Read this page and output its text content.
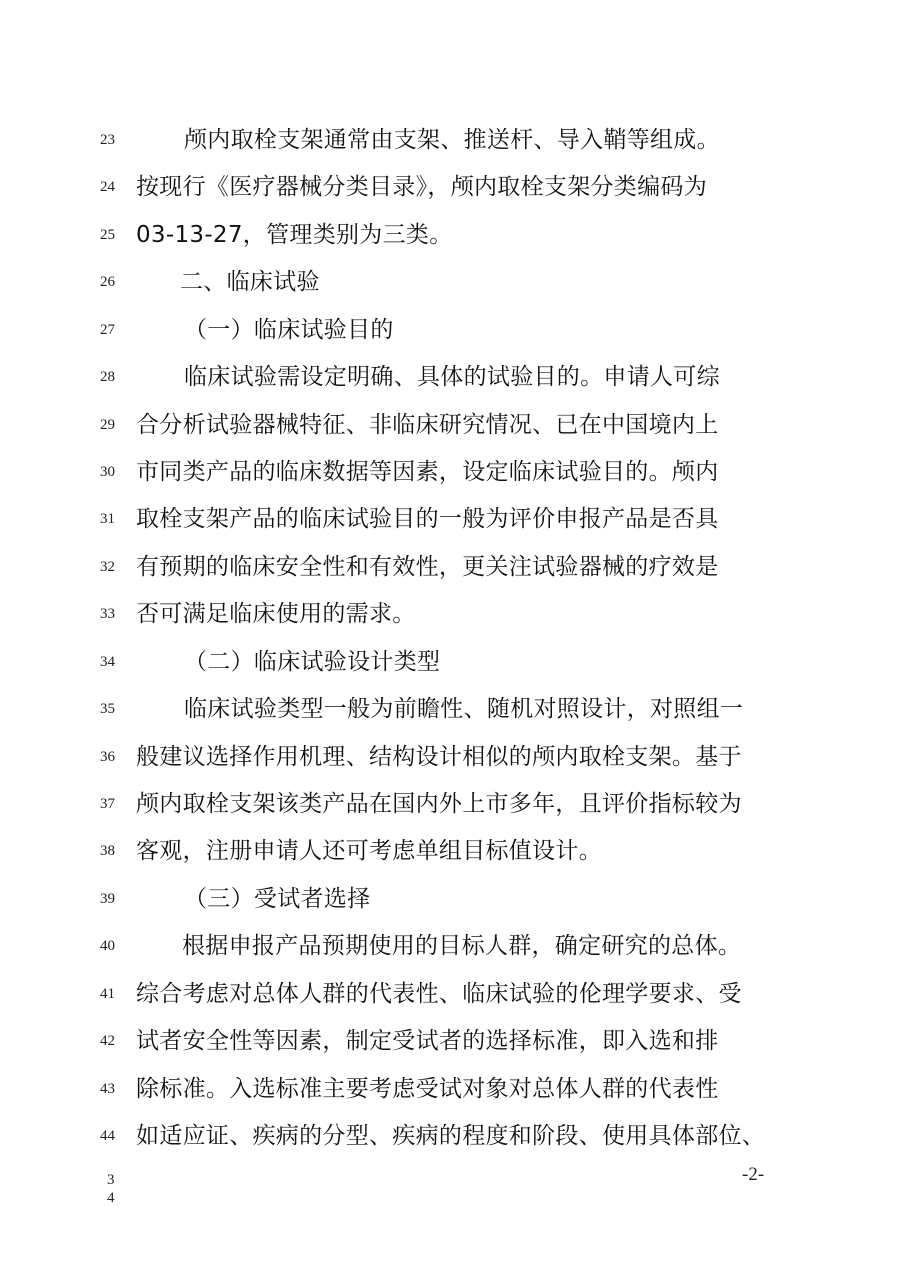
23	颅内取栓支架通常由支架、推送杆、导入鞘等组成。
24 按现行《医疗器械分类目录》，颅内取栓支架分类编码为
25 03-13-27，管理类别为三类。
26	二、临床试验
27	（一）临床试验目的
28	临床试验需设定明确、具体的试验目的。申请人可综
29 合分析试验器械特征、非临床研究情况、已在中国境内上
30 市同类产品的临床数据等因素，设定临床试验目的。颅内
31 取栓支架产品的临床试验目的一般为评价申报产品是否具
32 有预期的临床安全性和有效性，更关注试验器械的疗效是
33 否可满足临床使用的需求。
34	（二）临床试验设计类型
35	临床试验类型一般为前瞻性、随机对照设计，对照组一
36 般建议选择作用机理、结构设计相似的颅内取栓支架。基于
37 颅内取栓支架该类产品在国内外上市多年，且评价指标较为
38 客观，注册申请人还可考虑单组目标值设计。
39	（三）受试者选择
40	根据申报产品预期使用的目标人群，确定研究的总体。
41 综合考虑对总体人群的代表性、临床试验的伦理学要求、受
42 试者安全性等因素，制定受试者的选择标准，即入选和排
43 除标准。入选标准主要考虑受试对象对总体人群的代表性
44 如适应证、疾病的分型、疾病的程度和阶段、使用具体部位、
-2-
3
4
